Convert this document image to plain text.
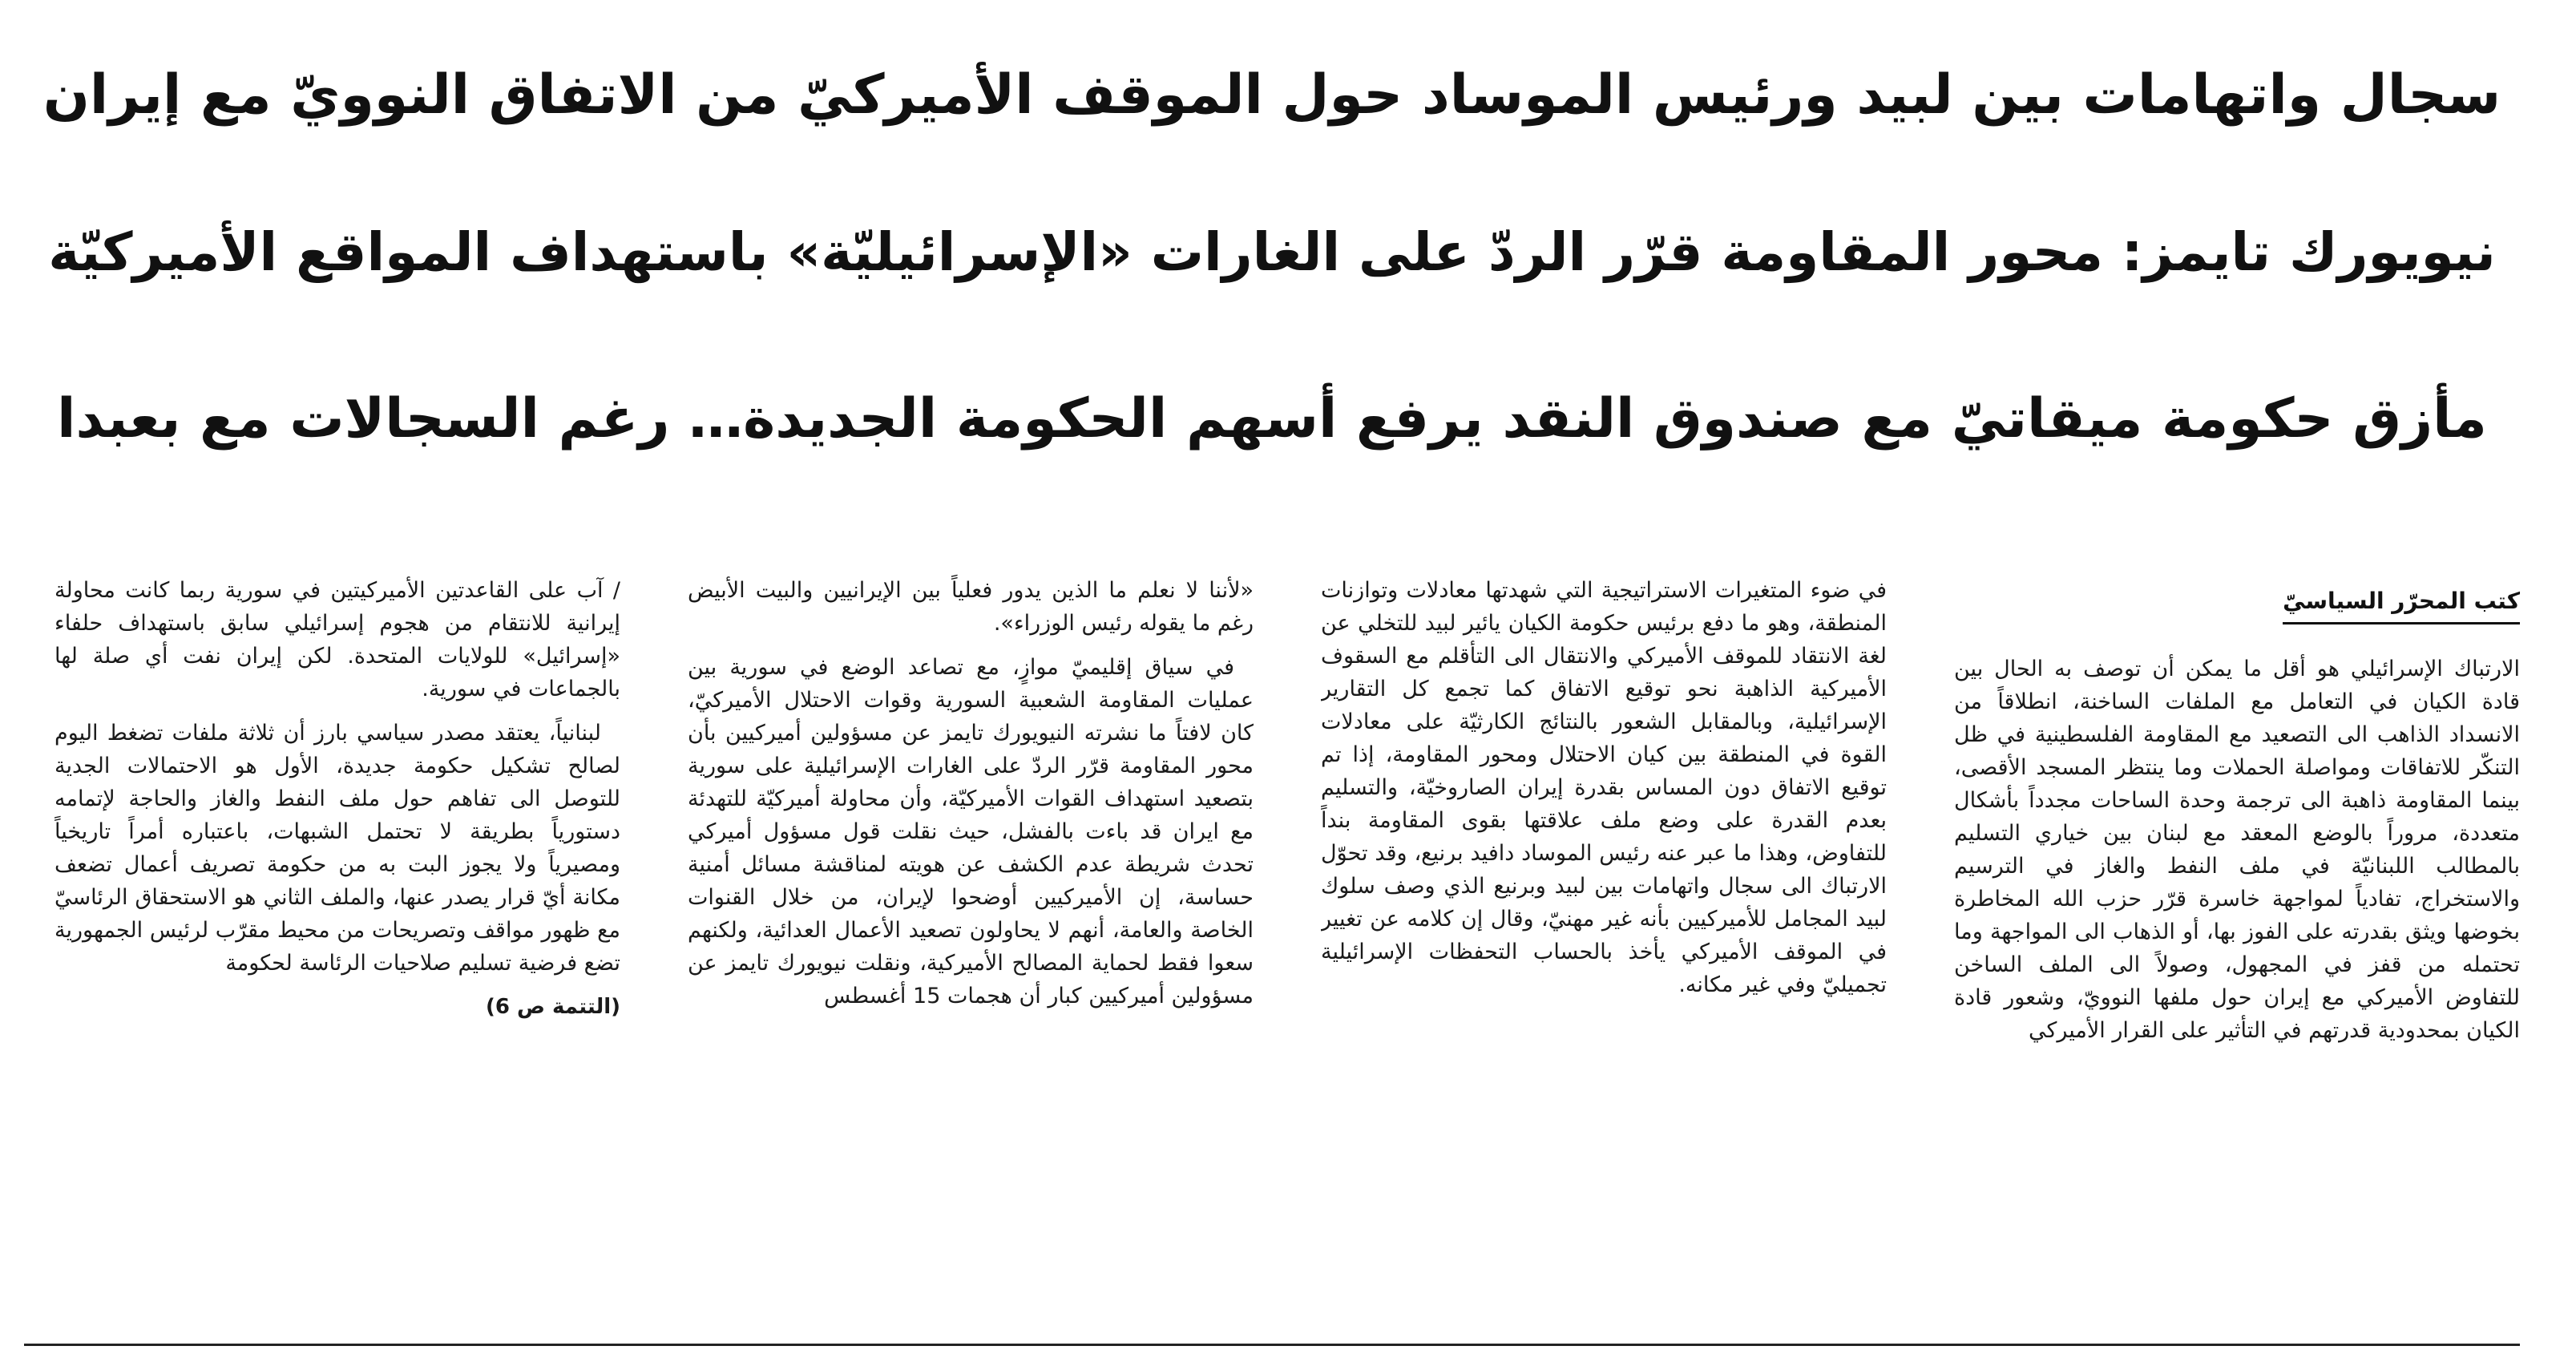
سجال واتهامات بين لبيد ورئيس الموساد حول الموقف الأميركيّ من الاتفاق النوويّ مع إيران
نيويورك تايمز: محور المقاومة قرّر الردّ على الغارات «الإسرائيليّة» باستهداف المواقع الأميركيّة
مأزق حكومة ميقاتيّ مع صندوق النقد يرفع أسهم الحكومة الجديدة… رغم السجالات مع بعبدا
كتب المحرّر السياسيّ

الارتباك الإسرائيلي هو أقل ما يمكن أن توصف به الحال بين قادة الكيان في التعامل مع الملفات الساخنة، انطلاقاً من الانسداد الذاهب الى التصعيد مع المقاومة الفلسطينية في ظل التنكّر للاتفاقات ومواصلة الحملات وما ينتظر المسجد الأقصى، بينما المقاومة ذاهبة الى ترجمة وحدة الساحات مجدداً بأشكال متعددة، مروراً بالوضع المعقد مع لبنان بين خياري التسليم بالمطالب اللبنانيّة في ملف النفط والغاز في الترسيم والاستخراج، تفادياً لمواجهة خاسرة قرّر حزب الله المخاطرة بخوضها ويثق بقدرته على الفوز بها، أو الذهاب الى المواجهة وما تحتمله من قفز في المجهول، وصولاً الى الملف الساخن للتفاوض الأميركي مع إيران حول ملفها النوويّ، وشعور قادة الكيان بمحدودية قدرتهم في التأثير على القرار الأميركي

في ضوء المتغيرات الاستراتيجية التي شهدتها معادلات وتوازنات المنطقة، وهو ما دفع برئيس حكومة الكيان يائير لبيد للتخلي عن لغة الانتقاد للموقف الأميركي والانتقال الى التأقلم مع السقوف الأميركية الذاهبة نحو توقيع الاتفاق كما تجمع كل التقارير الإسرائيلية، وبالمقابل الشعور بالنتائج الكارثيّة على معادلات القوة في المنطقة بين كيان الاحتلال ومحور المقاومة، إذا تم توقيع الاتفاق دون المساس بقدرة إيران الصاروخيّة، والتسليم بعدم القدرة على وضع ملف علاقتها بقوى المقاومة بنداً للتفاوض، وهذا ما عبر عنه رئيس الموساد دافيد برنيع، وقد تحوّل الارتباك الى سجال واتهامات بين لبيد وبرنيع الذي وصف سلوك لبيد المجامل للأميركيين بأنه غير مهنيّ، وقال إن كلامه عن تغيير في الموقف الأميركي يأخذ بالحساب التحفظات الإسرائيلية تجميليّ وفي غير مكانه.

«لأننا لا نعلم ما الذين يدور فعلياً بين الإيرانيين والبيت الأبيض رغم ما يقوله رئيس الوزراء».

في سياق إقليميّ موازٍ، مع تصاعد الوضع في سورية بين عمليات المقاومة الشعبية السورية وقوات الاحتلال الأميركيّ، كان لافتاً ما نشرته النيويورك تايمز عن مسؤولين أميركيين بأن محور المقاومة قرّر الردّ على الغارات الإسرائيلية على سورية بتصعيد استهداف القوات الأميركيّة، وأن محاولة أميركيّة للتهدئة مع ايران قد باءت بالفشل، حيث نقلت قول مسؤول أميركي تحدث شريطة عدم الكشف عن هويته لمناقشة مسائل أمنية حساسة، إن الأميركيين أوضحوا لإيران، من خلال القنوات الخاصة والعامة، أنهم لا يحاولون تصعيد الأعمال العدائية، ولكنهم سعوا فقط لحماية المصالح الأميركية، ونقلت نيويورك تايمز عن مسؤولين أميركيين كبار أن هجمات 15 أغسطس

/ آب على القاعدتين الأميركيتين في سورية ربما كانت محاولة إيرانية للانتقام من هجوم إسرائيلي سابق باستهداف حلفاء «إسرائيل» للولايات المتحدة. لكن إيران نفت أي صلة لها بالجماعات في سورية.

لبنانياً، يعتقد مصدر سياسي بارز أن ثلاثة ملفات تضغط اليوم لصالح تشكيل حكومة جديدة، الأول هو الاحتمالات الجدية للتوصل الى تفاهم حول ملف النفط والغاز والحاجة لإتمامه دستورياً بطريقة لا تحتمل الشبهات، باعتباره أمراً تاريخياً ومصيرياً ولا يجوز البت به من حكومة تصريف أعمال تضعف مكانة أيّ قرار يصدر عنها، والملف الثاني هو الاستحقاق الرئاسيّ مع ظهور مواقف وتصريحات من محيط مقرّب لرئيس الجمهورية تضع فرضية تسليم صلاحيات الرئاسة لحكومة

(التتمة ص 6)
